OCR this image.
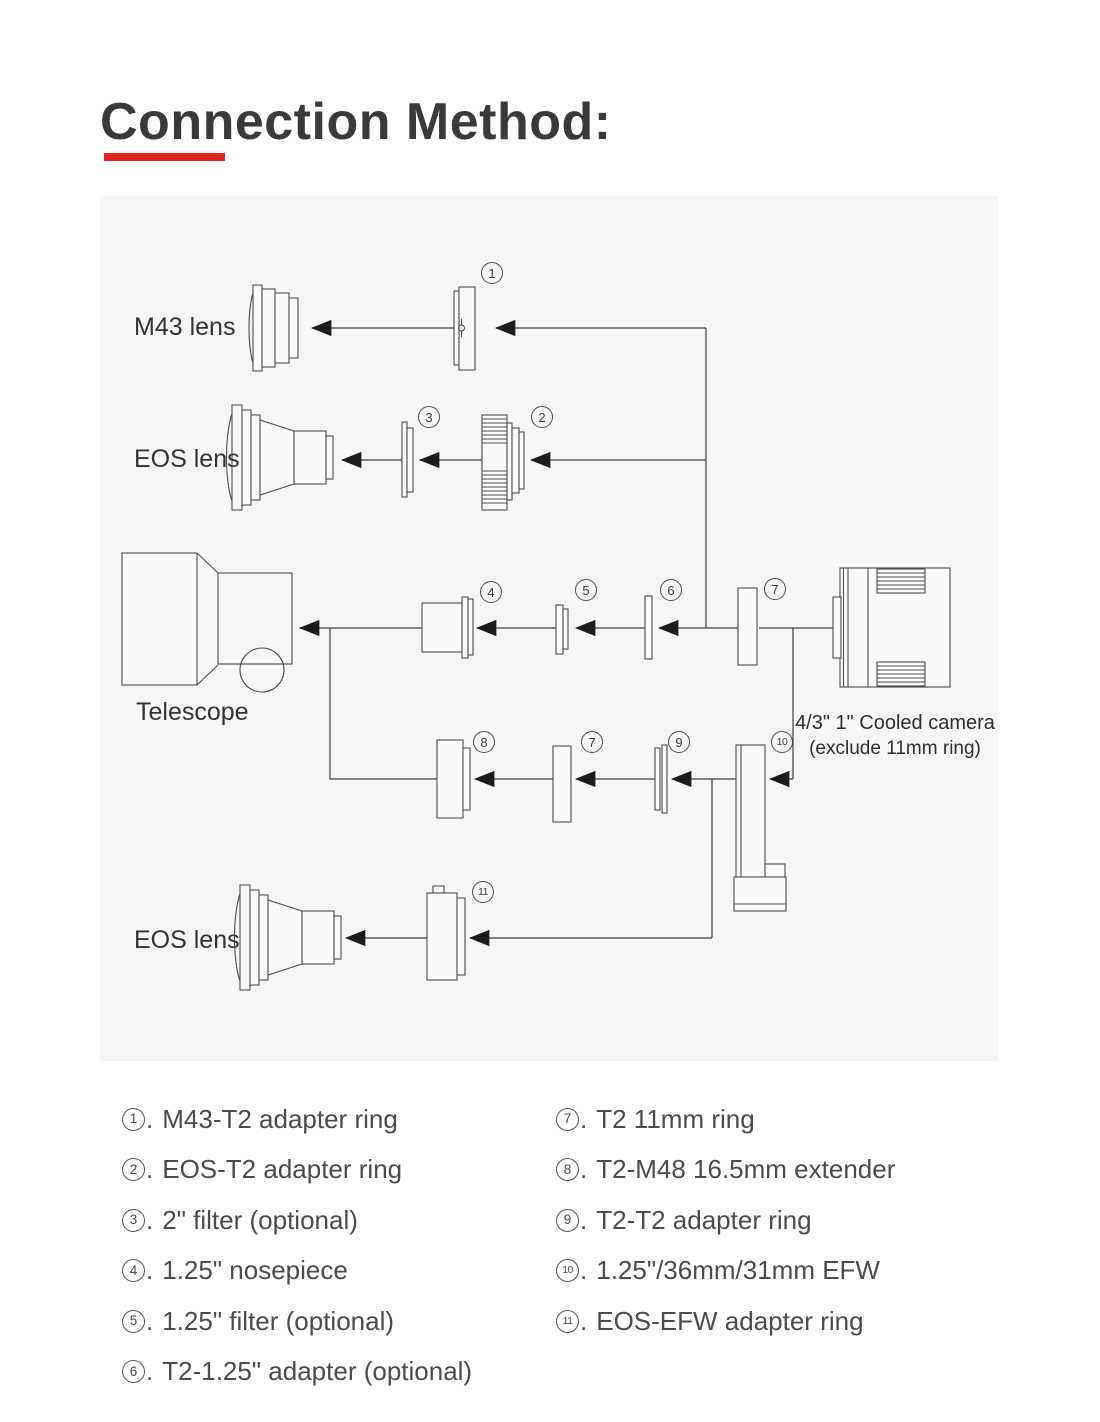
Connection Method:
M43 lens
EOS lens
Telescope
EOS lens
4/3" 1" Cooled camera
(exclude 11mm ring)
1
3	2
4	5	6	7
8	7	9	10
11
1 . M43-T2 adapter ring
2 . EOS-T2 adapter ring
3 . 2" filter (optional)
4 . 1.25" nosepiece
5 . 1.25" filter (optional)
6 . T2-1.25" adapter (optional)
7 . T2 11mm ring
8 . T2-M48 16.5mm extender
9 . T2-T2 adapter ring
10 . 1.25"/36mm/31mm EFW
11 . EOS-EFW adapter ring
